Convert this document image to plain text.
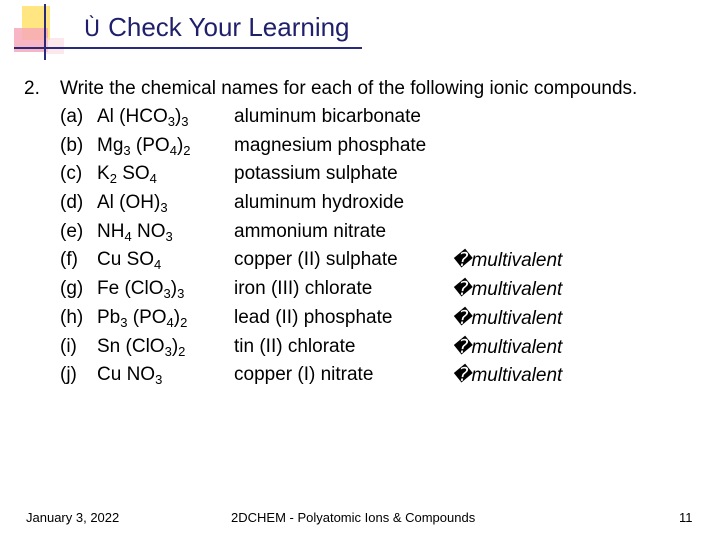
Ù Check Your Learning
2. Write the chemical names for each of the following ionic compounds.
(a) Al $(HCO_3)_3$ aluminum bicarbonate
(b) $Mg_3$ $(PO_4)_2$ magnesium phosphate
(c) $K_2$ $SO_4$	potassium sulphate
(d) Al $(OH)_3$	aluminum hydroxide
(e) $NH_4$ $NO_3$	ammonium nitrate
(f) Cu $SO_4$	copper (II) sulphate	�multivalent
(g) Fe $(ClO_3)_3$	iron (III) chlorate	�multivalent
(h) $Pb_3$ $(PO_4)_2$ lead (II) phosphate	�multivalent
(i) Sn $(ClO_3)_2$	tin (II) chlorate	�multivalent
(j) Cu $NO_3$	copper (I) nitrate	�multivalent
January 3, 2022	2DCHEM - Polyatomic Ions & Compounds	11
